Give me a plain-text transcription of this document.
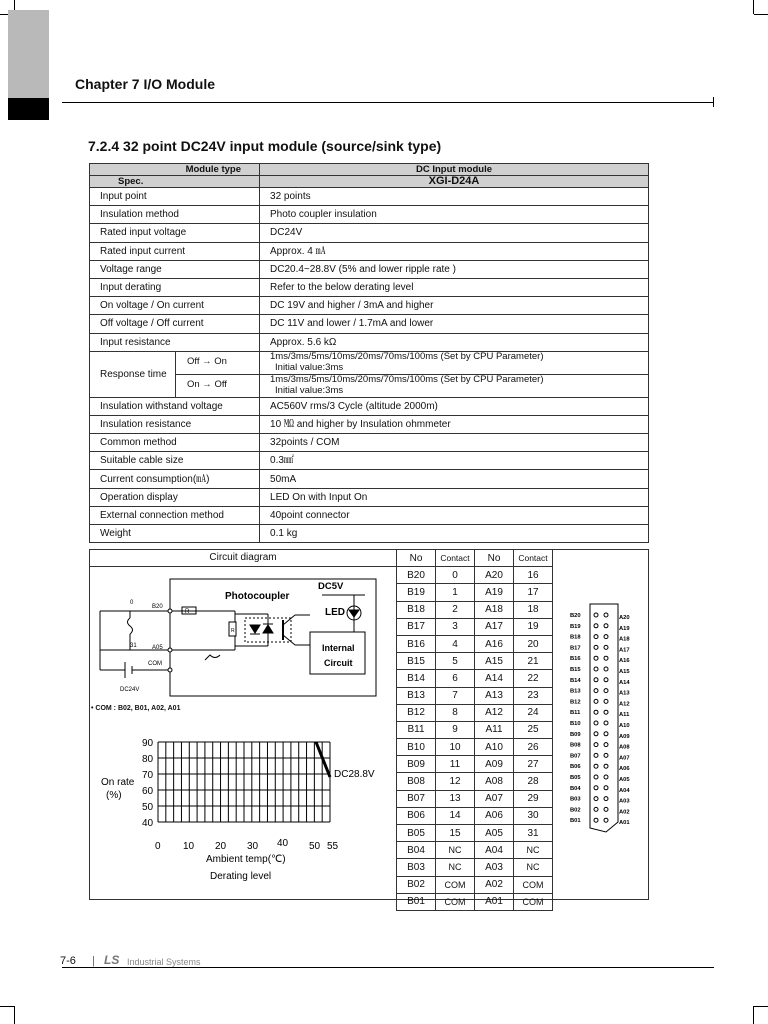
Chapter 7 I/O Module
7.2.4 32 point DC24V input module (source/sink type)
Module type		DC Input module
Spec.		XGI-D24A
Input point		32 points
Insulation method		Photo coupler insulation
Rated input voltage		DC24V
Rated input current		Approx. 4 ㎃
Voltage range		DC20.4~28.8V (5% and lower ripple rate )
Input derating		Refer to the below derating level
On voltage / On current		DC 19V and higher / 3mA and higher
Off voltage / Off current		DC 11V and lower / 1.7mA and lower
Input resistance		Approx. 5.6 kΩ
Response time	Off → On	1ms/3ms/5ms/10ms/20ms/70ms/100ms (Set by CPU Parameter)
Initial value:3ms

	On → Off	1ms/3ms/5ms/10ms/20ms/70ms/100ms (Set by CPU Parameter)
Initial value:3ms

Insulation withstand voltage		AC560V rms/3 Cycle (altitude 2000m)
Insulation resistance		10 ㏁ and higher by Insulation ohmmeter
Common method		32points / COM
Suitable cable size		0.3㎟
Current consumption(㎃)		50mA
Operation display		LED On with Input On
External connection method		40point connector
Weight		0.1 kg
Circuit diagram
Photocoupler
DC5V
LED
Internal
Circuit
R
R
0
B20
31	A05
COM
DC24V
• COM : B02, B01, A02, A01
90
80
70
60
50
40
0 10 20 30 40 50 55
On rate
(%)
Ambient temp(℃)
Derating level
DC28.8V
No	Contact	No	Contact
B20	0	A20	16
B19	1	A19	17
B18	2	A18	18
B17	3	A17	19
B16	4	A16	20
B15	5	A15	21
B14	6	A14	22
B13	7	A13	23
B12	8	A12	24
B11	9	A11	25
B10	10	A10	26
B09	11	A09	27
B08	12	A08	28
B07	13	A07	29
B06	14	A06	30
B05	15	A05	31
B04	NC	A04	NC
B03	NC	A03	NC
B02	COM	A02	COM
B01	COM	A01	COM
B20	A20
B19	A19
B18	A18
B17	A17
B16	A16
B15	A15
B14	A14
B13	A13
B12	A12
B11	A11
B10	A10
B09	A09
B08	A08
B07	A07
B06	A06
B05	A05
B04	A04
B03	A03
B02	A02
B01	A01
7-6 | LS Industrial Systems
